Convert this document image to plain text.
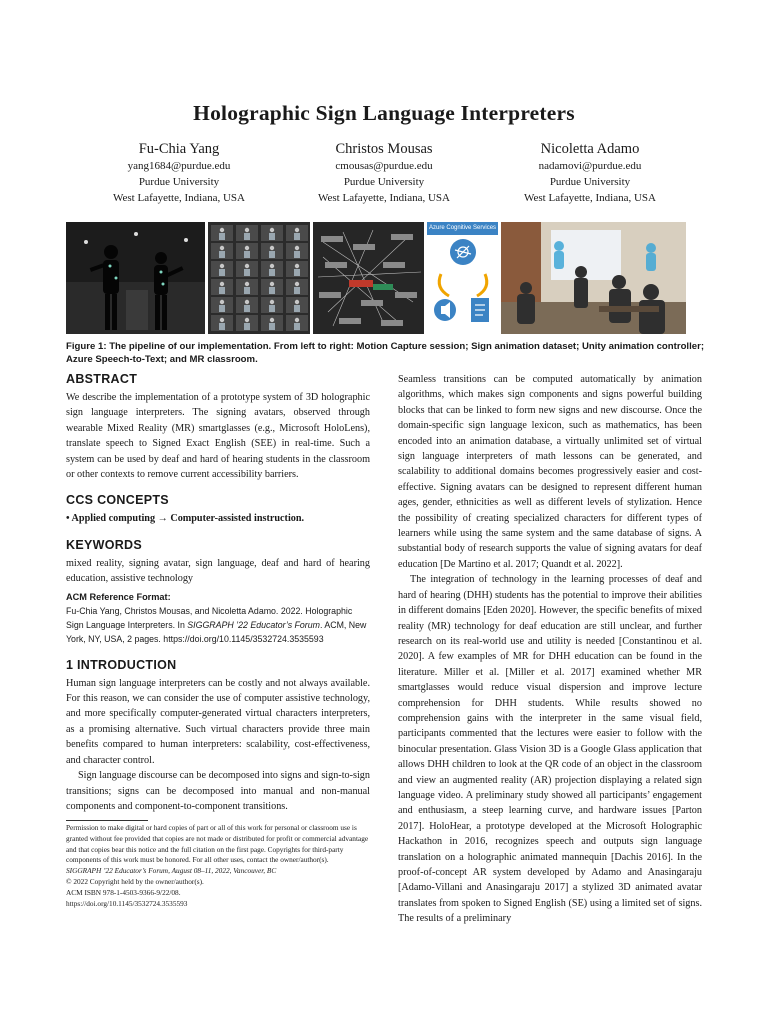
Holographic Sign Language Interpreters
Fu-Chia Yang
yang1684@purdue.edu
Purdue University
West Lafayette, Indiana, USA
Christos Mousas
cmousas@purdue.edu
Purdue University
West Lafayette, Indiana, USA
Nicoletta Adamo
nadamovi@purdue.edu
Purdue University
West Lafayette, Indiana, USA
Azure Cognitive Services
Figure 1: The pipeline of our implementation. From left to right: Motion Capture session; Sign animation dataset; Unity animation controller; Azure Speech-to-Text; and MR classroom.
ABSTRACT

We describe the implementation of a prototype system of 3D holographic sign language interpreters. The signing avatars, observed through wearable Mixed Reality (MR) smartglasses (e.g., Microsoft HoloLens), translate speech to Signed Exact English (SEE) in real-time. Such a system can be used by deaf and hard of hearing students in the classroom or other contexts to remove current accessibility barriers.

CCS CONCEPTS

• Applied computing → Computer-assisted instruction.

KEYWORDS

mixed reality, signing avatar, sign language, deaf and hard of hearing education, assistive technology

ACM Reference Format:

Fu-Chia Yang, Christos Mousas, and Nicoletta Adamo. 2022. Holographic Sign Language Interpreters. In SIGGRAPH ’22 Educator’s Forum. ACM, New York, NY, USA, 2 pages. https://doi.org/10.1145/3532724.3535593

1 INTRODUCTION

Human sign language interpreters can be costly and not always available. For this reason, we can consider the use of computer assistive technology, and more specifically computer-generated virtual characters interpreters, as a promising alternative. Such virtual characters provide three main benefits compared to human interpreters: scalability, cost-effectiveness, and character control.

Sign language discourse can be decomposed into signs and sign-to-sign transitions; signs can be decomposed into manual and non-manual components and component-to-component transitions.

Permission to make digital or hard copies of part or all of this work for personal or classroom use is granted without fee provided that copies are not made or distributed for profit or commercial advantage and that copies bear this notice and the full citation on the first page. Copyrights for third-party components of this work must be honored. For all other uses, contact the owner/author(s).
SIGGRAPH ’22 Educator’s Forum, August 08–11, 2022, Vancouver, BC
© 2022 Copyright held by the owner/author(s).
ACM ISBN 978-1-4503-9366-9/22/08.
https://doi.org/10.1145/3532724.3535593

Seamless transitions can be computed automatically by animation algorithms, which makes sign components and signs powerful building blocks that can be linked to form new signs and new discourse. Once the domain-specific sign language lexicon, such as mathematics, has been encoded into an animation database, a virtually unlimited set of virtual sign language interpreters of math lessons can be generated, and scalability to additional domains becomes progressively easier and cost-effective. Signing avatars can be designed to represent different human ages, gender, ethnicities as well as different levels of stylization. Hence the possibility of creating specialized characters for different types of learners while using the same system and the same database of signs. A substantial body of research supports the value of signing avatars for deaf education [De Martino et al. 2017; Quandt et al. 2022].

The integration of technology in the learning processes of deaf and hard of hearing (DHH) students has the potential to improve their abilities in different domains [Eden 2020]. However, the specific benefits of mixed reality (MR) technology for deaf education are still unclear, and further research on its real-world use and utility is needed [Constantinou et al. 2020]. A few examples of MR for DHH education can be found in the literature. Miller et al. [Miller et al. 2017] examined whether MR smartglasses would reduce visual dispersion and improve lecture comprehension for DHH students. While results showed no comprehension gains with the interpreter in the same visual field, participants commented that the lectures were easier to follow with the binocular presentation. Glass Vision 3D is a Google Glass application that allows DHH children to look at the QR code of an object in the classroom and view an augmented reality (AR) projection displaying a related sign language video. A preliminary study showed all participants’ engagement and enthusiasm, a steep learning curve, and hardware issues [Parton 2017]. HoloHear, a prototype developed at the Microsoft Holographic Hackathon in 2016, recognizes speech and outputs sign language translation on a holographic animated mannequin [Dachis 2016]. In the proof-of-concept AR system developed by Adamo and Anasingaraju [Adamo-Villani and Anasingaraju 2017] a stylized 3D animated avatar translates from spoken to Signed English (SE) using a limited set of signs. The results of a preliminary
